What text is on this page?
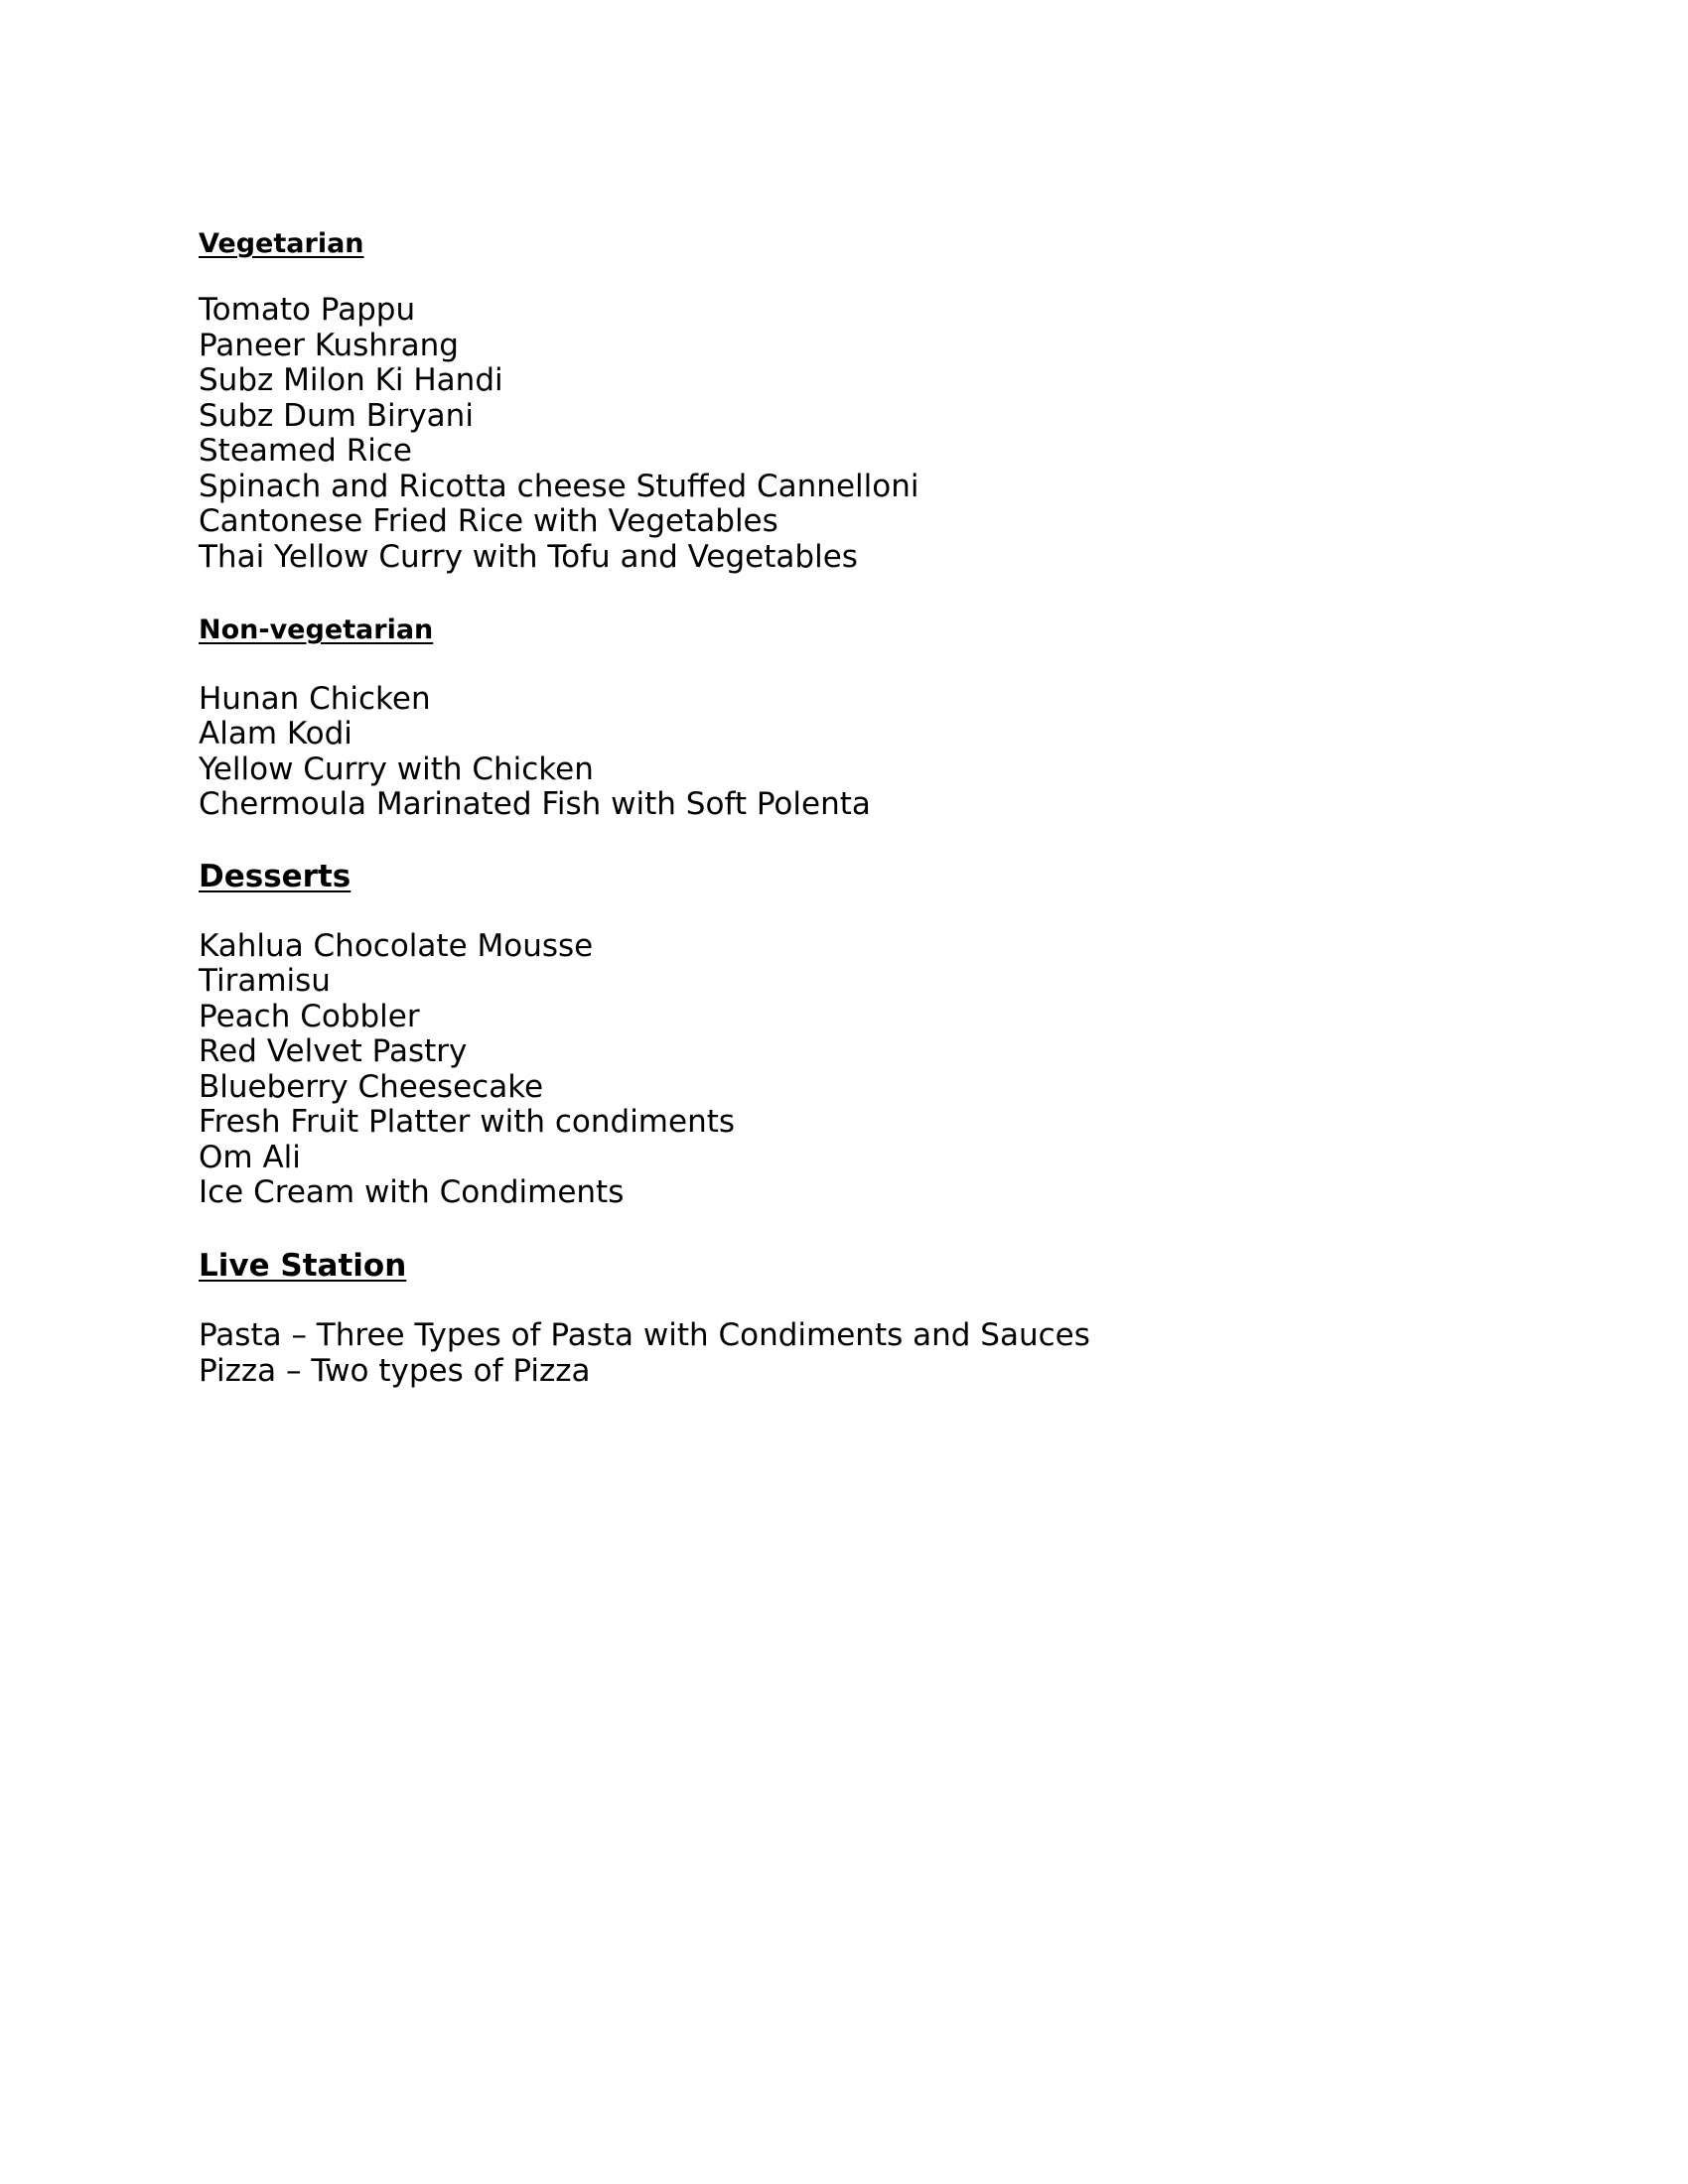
Vegetarian
Tomato Pappu
Paneer Kushrang
Subz Milon Ki Handi
Subz Dum Biryani
Steamed Rice
Spinach and Ricotta cheese Stuffed Cannelloni
Cantonese Fried Rice with Vegetables
Thai Yellow Curry with Tofu and Vegetables
Non-vegetarian
Hunan Chicken
Alam Kodi
Yellow Curry with Chicken
Chermoula Marinated Fish with Soft Polenta
Desserts
Kahlua Chocolate Mousse
Tiramisu
Peach Cobbler
Red Velvet Pastry
Blueberry Cheesecake
Fresh Fruit Platter with condiments
Om Ali
Ice Cream with Condiments
Live Station
Pasta – Three Types of Pasta with Condiments and Sauces
Pizza – Two types of Pizza
